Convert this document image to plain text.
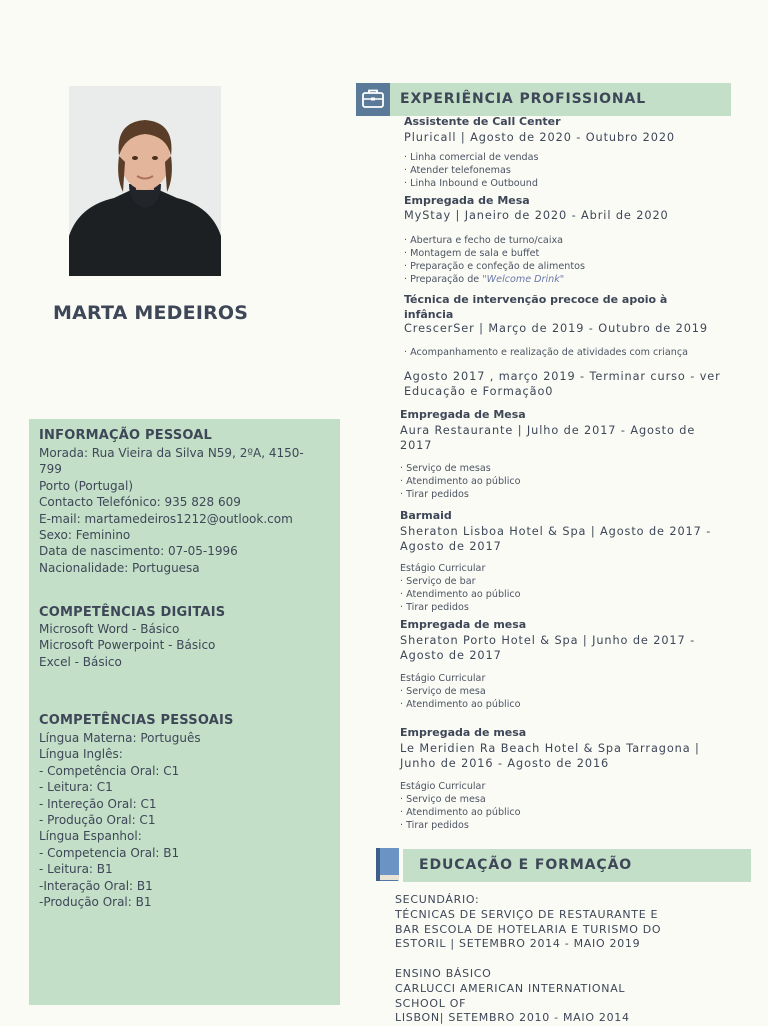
MARTA MEDEIROS
INFORMAÇÃO PESSOAL
Morada: Rua Vieira da Silva N59, 2ºA, 4150-
799
Porto (Portugal)
Contacto Telefónico: 935 828 609
E-mail: martamedeiros1212@outlook.com
Sexo: Feminino
Data de nascimento: 07-05-1996
Nacionalidade: Portuguesa
COMPETÊNCIAS DIGITAIS
Microsoft Word - Básico
Microsoft Powerpoint - Básico
Excel - Básico
COMPETÊNCIAS PESSOAIS
Língua Materna: Português
Língua Inglês:
- Competência Oral: C1
- Leitura: C1
- Intereção Oral: C1
- Produção Oral: C1
Língua Espanhol:
- Competencia Oral: B1
- Leitura: B1
-Interação Oral: B1
-Produção Oral: B1
EXPERIÊNCIA PROFISSIONAL
Assistente de Call Center
Pluricall | Agosto de 2020 - Outubro 2020
· Linha comercial de vendas
· Atender telefonemas
· Linha Inbound e Outbound
Empregada de Mesa
MyStay | Janeiro de 2020 - Abril de 2020
· Abertura e fecho de turno/caixa
· Montagem de sala e buffet
· Preparação e confeção de alimentos
· Preparação de "Welcome Drink"
Técnica de intervenção precoce de apoio à infância
CrescerSer | Março de 2019 - Outubro de 2019
· Acompanhamento e realização de atividades com criança
Agosto 2017 , março 2019 - Terminar curso - ver Educação e Formação0
Empregada de Mesa
Aura Restaurante | Julho de 2017 - Agosto de 2017
· Serviço de mesas
· Atendimento ao público
· Tirar pedidos
Barmaid
Sheraton Lisboa Hotel & Spa | Agosto de 2017 - Agosto de 2017
Estágio Curricular
· Serviço de bar
· Atendimento ao público
· Tirar pedidos
Empregada de mesa
Sheraton Porto Hotel & Spa | Junho de 2017 - Agosto de 2017
Estágio Curricular
· Serviço de mesa
· Atendimento ao público
Empregada de mesa
Le Meridien Ra Beach Hotel & Spa Tarragona | Junho de 2016 - Agosto de 2016
Estágio Curricular
· Serviço de mesa
· Atendimento ao público
· Tirar pedidos
EDUCAÇÃO E FORMAÇÃO
SECUNDÁRIO:
TÉCNICAS DE SERVIÇO DE RESTAURANTE E
BAR ESCOLA DE HOTELARIA E TURISMO DO
ESTORIL | SETEMBRO 2014 - MAIO 2019
ENSINO BÁSICO
CARLUCCI AMERICAN INTERNATIONAL
SCHOOL OF
LISBON| SETEMBRO 2010 - MAIO 2014
